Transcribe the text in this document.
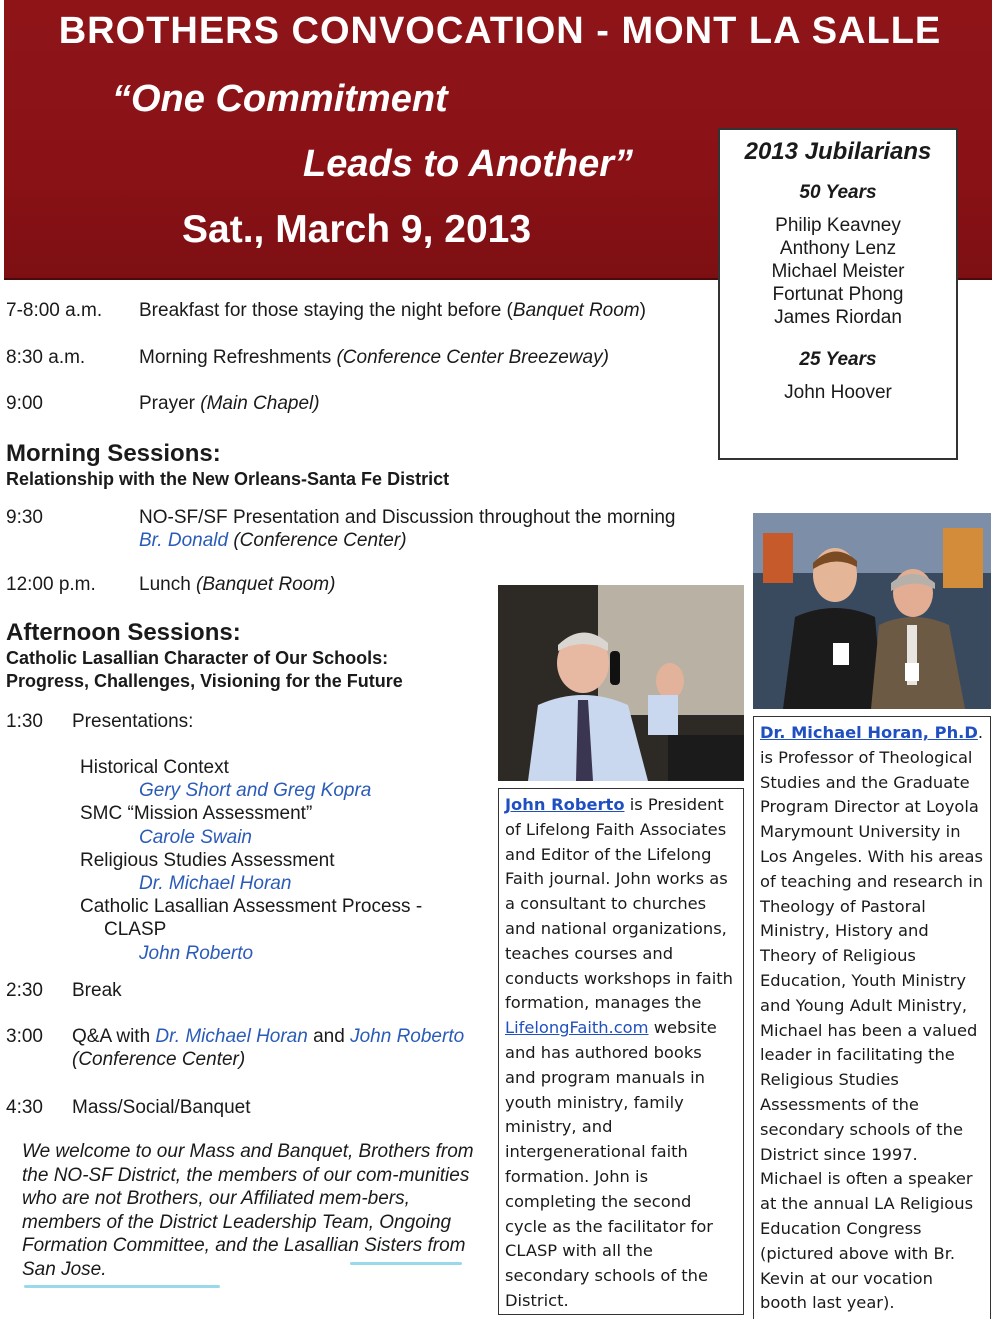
BROTHERS CONVOCATION - MONT LA SALLE
“One Commitment
Leads to Another”
Sat., March 9, 2013
2013 Jubilarians
50 Years
Philip Keavney
Anthony Lenz
Michael Meister
Fortunat Phong
James Riordan
25 Years
John Hoover
7-8:00 a.m. Breakfast for those staying the night before (Banquet Room)
8:30 a.m.	Morning Refreshments (Conference Center Breezeway)
9:00	Prayer (Main Chapel)
Morning Sessions:
Relationship with the New Orleans-Santa Fe District
9:30	NO-SF/SF Presentation and Discussion throughout the morning
Br. Donald (Conference Center)
12:00 p.m. Lunch (Banquet Room)
Afternoon Sessions:
Catholic Lasallian Character of Our Schools:
Progress, Challenges, Visioning for the Future
1:30 Presentations:
Historical Context
Gery Short and Greg Kopra
SMC “Mission Assessment”
Carole Swain
Religious Studies Assessment
Dr. Michael Horan
Catholic Lasallian Assessment Process -
CLASP
John Roberto
2:30 Break
3:00 Q&A with Dr. Michael Horan and John Roberto
(Conference Center)
4:30 Mass/Social/Banquet
We welcome to our Mass and Banquet, Brothers from the NO-SF District, the members of our com-munities who are not Brothers, our Affiliated mem-bers, members of the District Leadership Team, Ongoing Formation Committee, and the Lasallian Sisters from San Jose.
John Roberto is President of Lifelong Faith Associates and Editor of the Lifelong Faith journal. John works as a consultant to churches and national organizations, teaches courses and conducts workshops in faith formation, manages the LifelongFaith.com website and has authored books and program manuals in youth ministry, family ministry, and intergenerational faith formation. John is completing the second cycle as the facilitator for CLASP with all the secondary schools of the District.
Dr. Michael Horan, Ph.D. is Professor of Theological Studies and the Graduate Program Director at Loyola Marymount University in Los Angeles. With his areas of teaching and research in Theology of Pastoral Ministry, History and Theory of Religious Education, Youth Ministry and Young Adult Ministry, Michael has been a valued leader in facilitating the Religious Studies Assessments of the secondary schools of the District since 1997. Michael is often a speaker at the annual LA Religious Education Congress (pictured above with Br. Kevin at our vocation booth last year).
